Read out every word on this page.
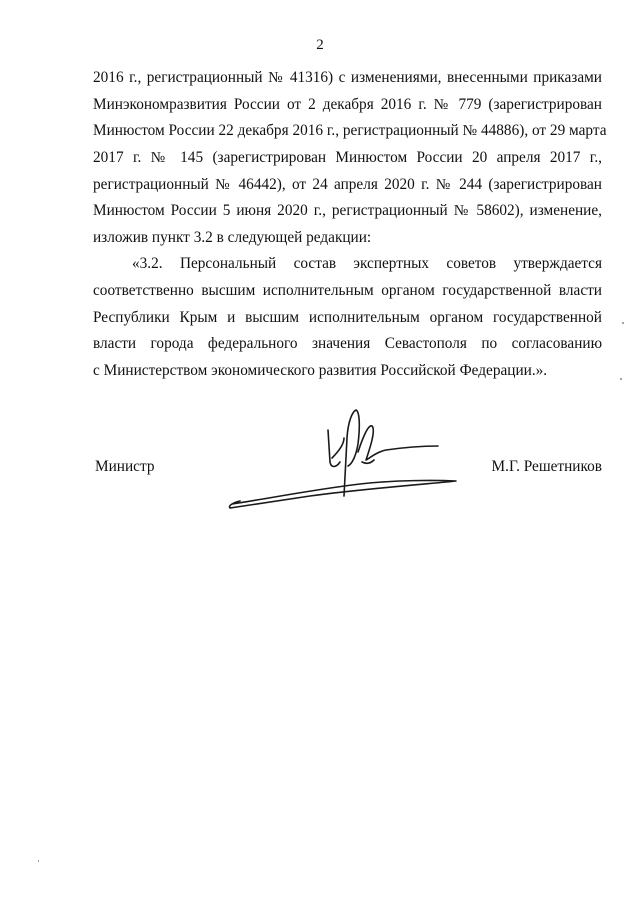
2
2016 г., регистрационный № 41316) с изменениями, внесенными приказами
Минэкономразвития России от 2 декабря 2016 г. № 779 (зарегистрирован
Минюстом России 22 декабря 2016 г., регистрационный № 44886), от 29 марта
2017 г. № 145 (зарегистрирован Минюстом России 20 апреля 2017 г.,
регистрационный № 46442), от 24 апреля 2020 г. № 244 (зарегистрирован
Минюстом России 5 июня 2020 г., регистрационный № 58602), изменение,
изложив пункт 3.2 в следующей редакции:
«3.2. Персональный состав экспертных советов утверждается
соответственно высшим исполнительным органом государственной власти
Республики Крым и высшим исполнительным органом государственной
власти города федерального значения Севастополя по согласованию
с Министерством экономического развития Российской Федерации.».
Министр	М.Г. Решетников
